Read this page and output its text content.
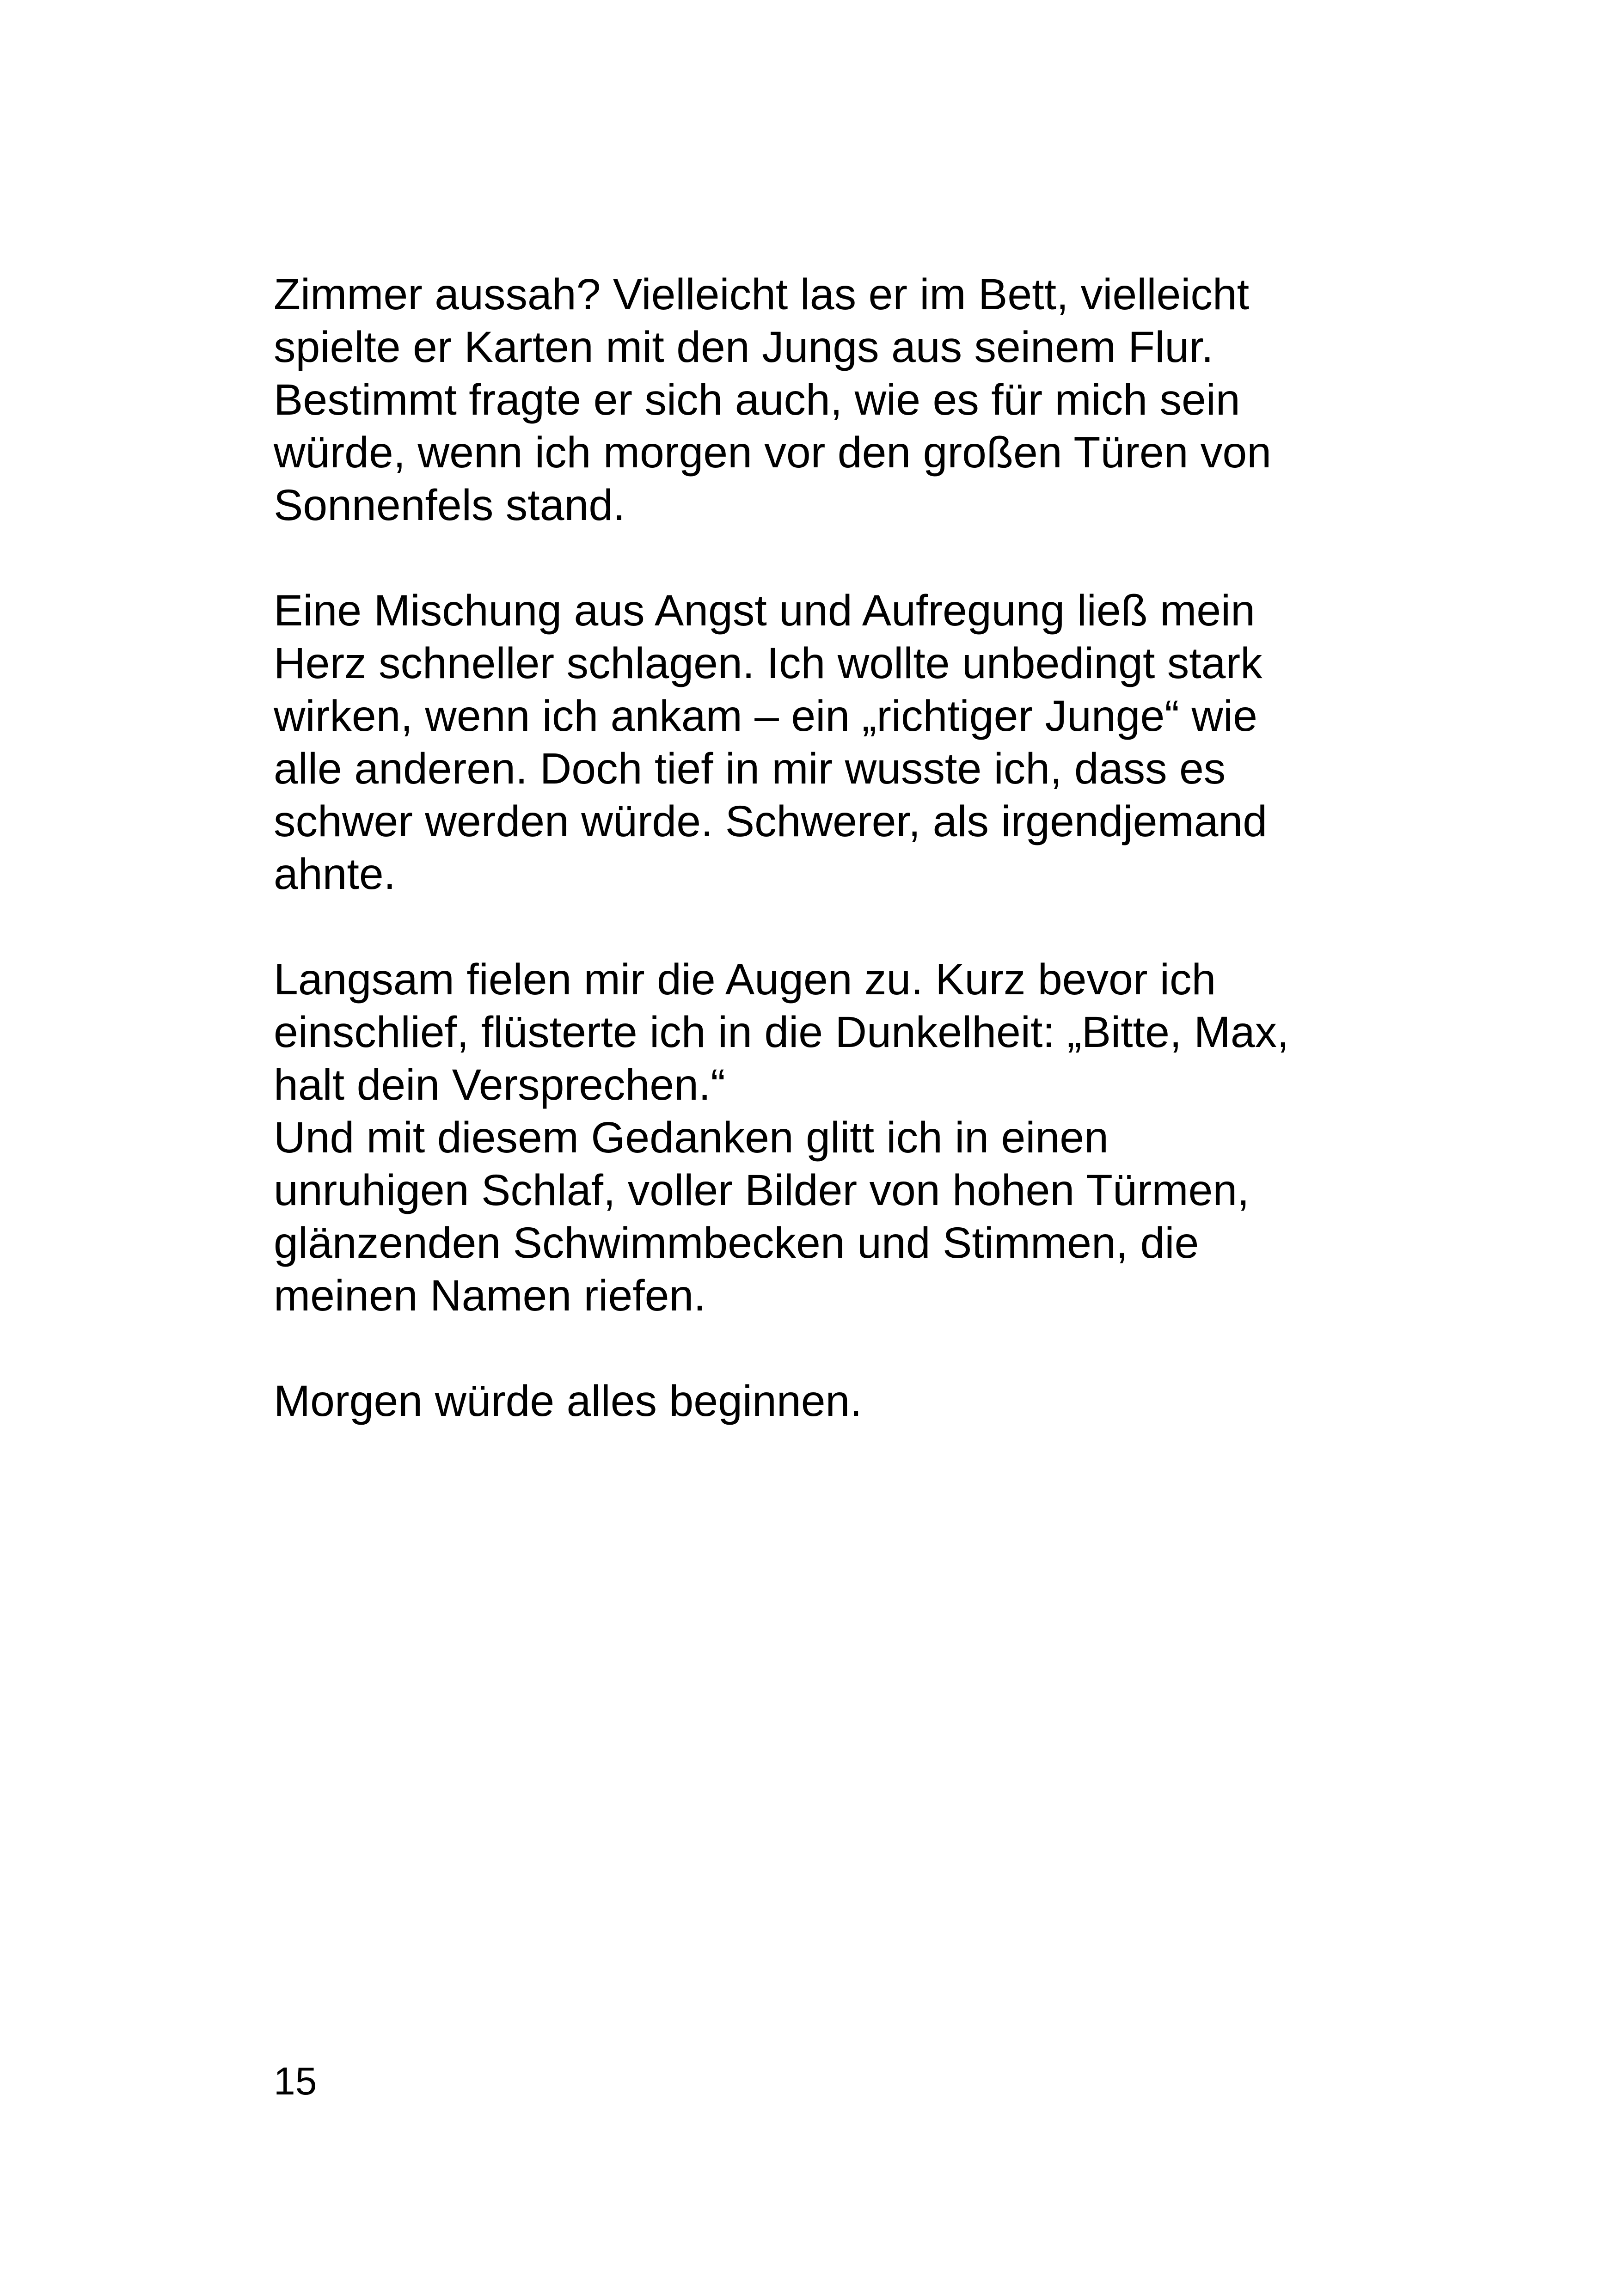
Zimmer aussah? Vielleicht las er im Bett, vielleicht
spielte er Karten mit den Jungs aus seinem Flur.
Bestimmt fragte er sich auch, wie es für mich sein
würde, wenn ich morgen vor den großen Türen von
Sonnenfels stand.

Eine Mischung aus Angst und Aufregung ließ mein
Herz schneller schlagen. Ich wollte unbedingt stark
wirken, wenn ich ankam – ein „richtiger Junge“ wie
alle anderen. Doch tief in mir wusste ich, dass es
schwer werden würde. Schwerer, als irgendjemand
ahnte.

Langsam fielen mir die Augen zu. Kurz bevor ich
einschlief, flüsterte ich in die Dunkelheit: „Bitte, Max,
halt dein Versprechen.“
Und mit diesem Gedanken glitt ich in einen
unruhigen Schlaf, voller Bilder von hohen Türmen,
glänzenden Schwimmbecken und Stimmen, die
meinen Namen riefen.

Morgen würde alles beginnen.

15
